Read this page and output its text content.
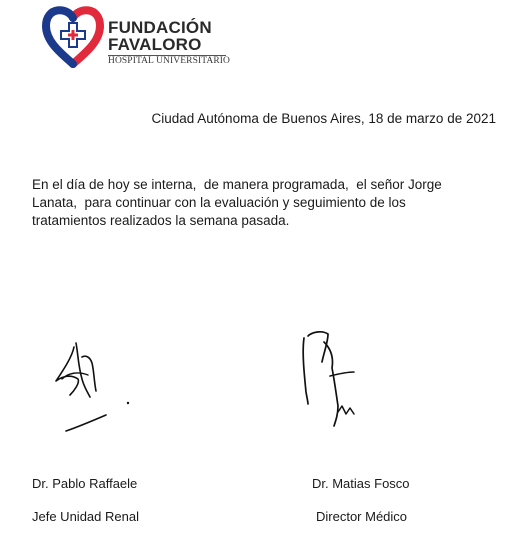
FUNDACIÓN
FAVALORO
HOSPITAL UNIVERSITARIO
Ciudad Autónoma de Buenos Aires, 18 de marzo de 2021
En el día de hoy se interna,  de manera programada,  el señor Jorge
Lanata,  para continuar con la evaluación y seguimiento de los
tratamientos realizados la semana pasada.
Dr. Pablo Raffaele
Jefe Unidad Renal
Dr. Matias Fosco
Director Médico
